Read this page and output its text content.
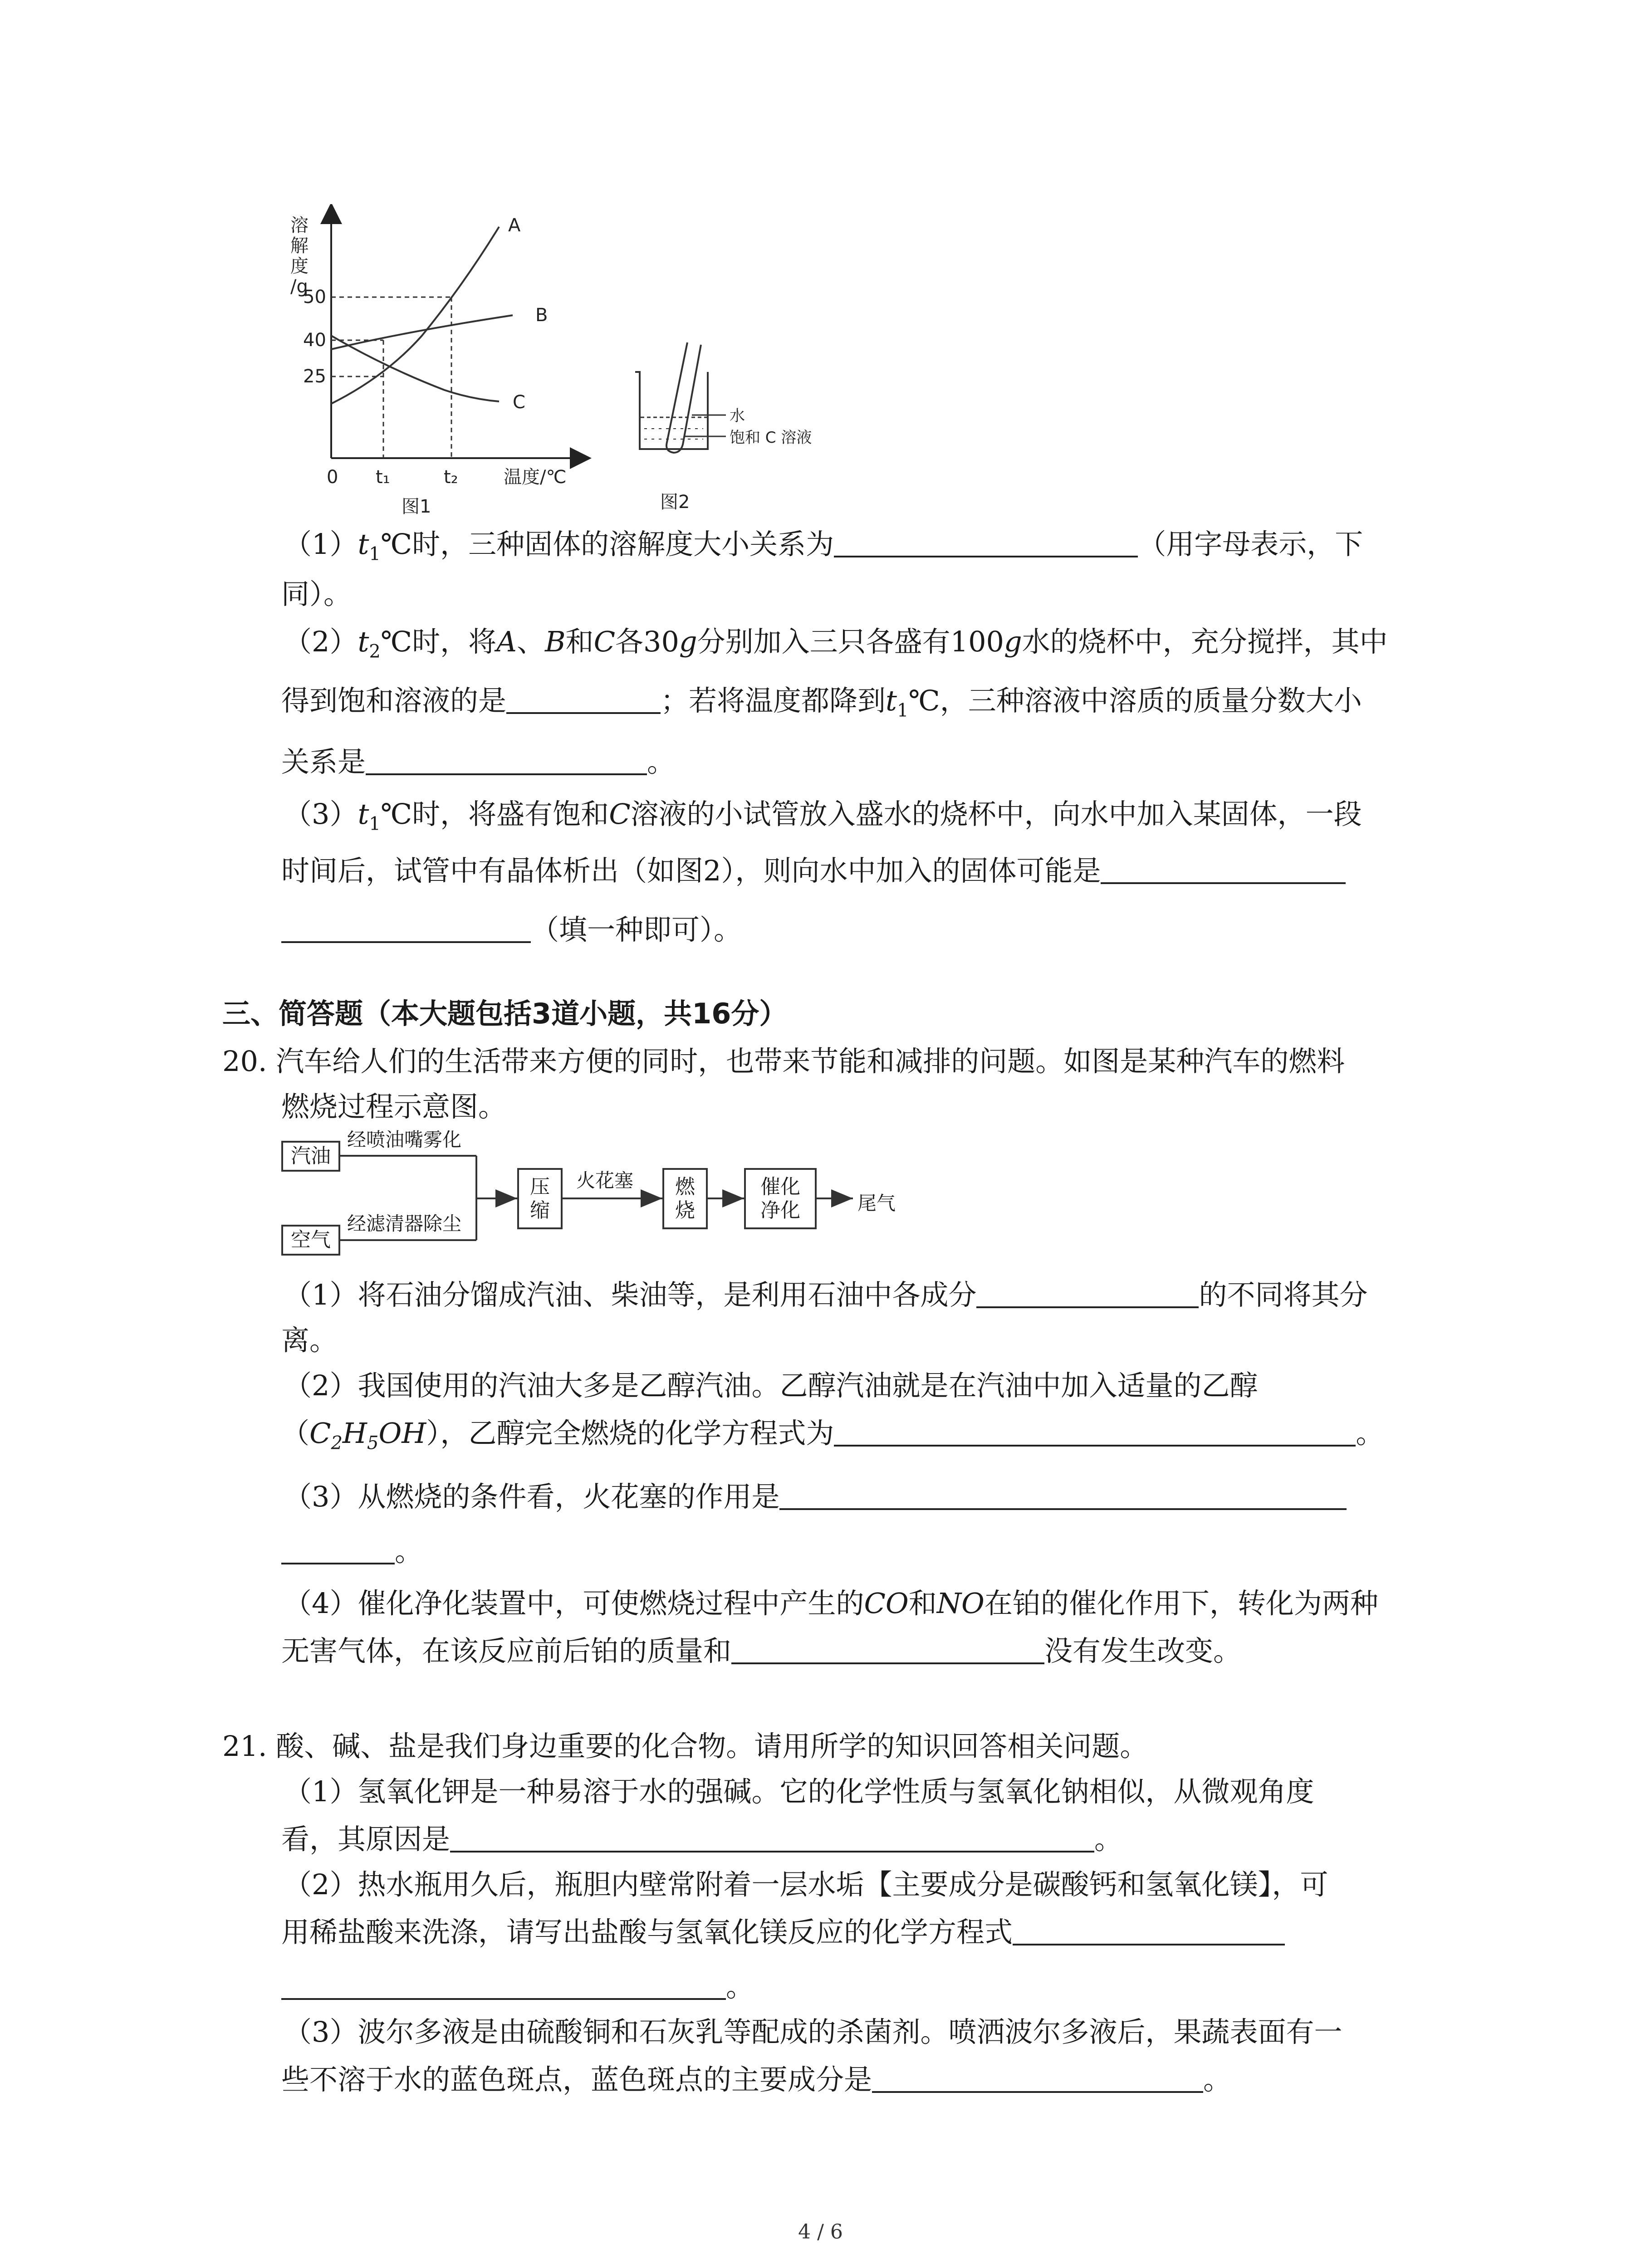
溶
解
度
/g
50
40
25
0 t₁	t₂	温度/℃
A
B
C
图1
水
饱和 C 溶液
图2
$(1)t_1℃$时，三种固体的溶解度大小关系为	（用字母表示，下
同）。
$(2)t_2℃$时，将A、B和C各30g分别加入三只各盛有100g水的烧杯中，充分搅拌，其中
得到饱和溶液的是	；若将温度都降到$t_1℃$，三种溶液中溶质的质量分数大小
关系是	。
$(3)t_1℃$时，将盛有饱和C溶液的小试管放入盛水的烧杯中，向水中加入某固体，一段
时间后，试管中有晶体析出（如图2），则向水中加入的固体可能是
（填一种即可）。
三、简答题（本大题包括3道小题，共16分）
20. 汽车给人们的生活带来方便的同时，也带来节能和减排的问题。如图是某种汽车的燃料
燃烧过程示意图。
汽油
空气
经喷油嘴雾化
经滤清器除尘
压缩
火花塞 燃烧
催化净化	尾气
（1）将石油分馏成汽油、柴油等，是利用石油中各成分	的不同将其分
离。
（2）我国使用的汽油大多是乙醇汽油。乙醇汽油就是在汽油中加入适量的乙醇
$(C_2H_5OH)$，乙醇完全燃烧的化学方程式为	。
（3）从燃烧的条件看，火花塞的作用是
。
（4）催化净化装置中，可使燃烧过程中产生的CO和NO在铂的催化作用下，转化为两种
无害气体，在该反应前后铂的质量和	没有发生改变。
21. 酸、碱、盐是我们身边重要的化合物。请用所学的知识回答相关问题。
（1）氢氧化钾是一种易溶于水的强碱。它的化学性质与氢氧化钠相似，从微观角度
看，其原因是	。
（2）热水瓶用久后，瓶胆内壁常附着一层水垢【主要成分是碳酸钙和氢氧化镁】，可
用稀盐酸来洗涤，请写出盐酸与氢氧化镁反应的化学方程式
。
（3）波尔多液是由硫酸铜和石灰乳等配成的杀菌剂。喷洒波尔多液后，果蔬表面有一
些不溶于水的蓝色斑点，蓝色斑点的主要成分是	。
4 / 6
